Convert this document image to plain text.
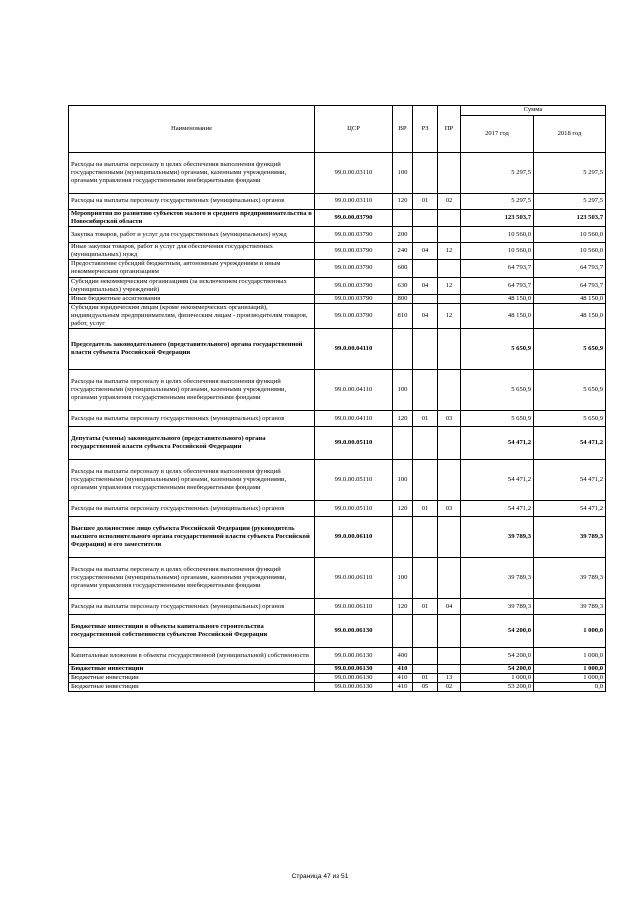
Наименование	ЦСР	ВР	РЗ	ПР	Сумма	
					2017 год	2018 год
Расходы на выплаты персоналу в целях обеспечения выполнения функций государственными (муниципальными) органами, казенными учреждениями, органами управления государственными внебюджетными фондами	99.0.00.03110	100			5 297,5	5 297,5
Расходы на выплаты персоналу государственных (муниципальных) органов	99.0.00.03110	120	01	02	5 297,5	5 297,5
Мероприятия по развитию субъектов малого и среднего предпринимательства в Новосибирской области	99.0.00.03790				123 503,7	123 503,7
Закупка товаров, работ и услуг для государственных (муниципальных) нужд	99.0.00.03790	200			10 560,0	10 560,0
Иные закупки товаров, работ и услуг для обеспечения государственных (муниципальных) нужд	99.0.00.03790	240	04	12	10 560,0	10 560,0
Предоставление субсидий бюджетным, автономным учреждениям и иным некоммерческим организациям	99.0.00.03790	600			64 793,7	64 793,7
Субсидии некоммерческим организациям (за исключением государственных (муниципальных) учреждений)	99.0.00.03790	630	04	12	64 793,7	64 793,7
Иные бюджетные ассигнования	99.0.00.03790	800			48 150,0	48 150,0
Субсидии юридическим лицам (кроме некоммерческих организаций), индивидуальным предпринимателям, физическим лицам - производителям товаров, работ, услуг	99.0.00.03790	810	04	12	48 150,0	48 150,0
Председатель законодательного (представительного) органа государственной власти субъекта Российской Федерации	99.0.00.04110				5 650,9	5 650,9
Расходы на выплаты персоналу в целях обеспечения выполнения функций государственными (муниципальными) органами, казенными учреждениями, органами управления государственными внебюджетными фондами	99.0.00.04110	100			5 650,9	5 650,9
Расходы на выплаты персоналу государственных (муниципальных) органов	99.0.00.04110	120	01	03	5 650,9	5 650,9
Депутаты (члены) законодательного (представительного) органа государственной власти субъекта Российской Федерации	99.0.00.05110				54 471,2	54 471,2
Расходы на выплаты персоналу в целях обеспечения выполнения функций государственными (муниципальными) органами, казенными учреждениями, органами управления государственными внебюджетными фондами	99.0.00.05110	100			54 471,2	54 471,2
Расходы на выплаты персоналу государственных (муниципальных) органов	99.0.00.05110	120	01	03	54 471,2	54 471,2
Высшее должностное лицо субъекта Российской Федерации (руководитель высшего исполнительного органа государственной власти субъекта Российской Федерации) и его заместители	99.0.00.06110				39 789,3	39 789,3
Расходы на выплаты персоналу в целях обеспечения выполнения функций государственными (муниципальными) органами, казенными учреждениями, органами управления государственными внебюджетными фондами	99.0.00.06110	100			39 789,3	39 789,3
Расходы на выплаты персоналу государственных (муниципальных) органов	99.0.00.06110	120	01	04	39 789,3	39 789,3
Бюджетные инвестиции в объекты капитального строительства государственной собственности субъектов Российской Федерации	99.0.00.06130				54 200,0	1 000,0
Капитальные вложения в объекты государственной (муниципальной) собственности	99.0.00.06130	400			54 200,0	1 000,0
Бюджетные инвестиции	99.0.00.06130	410			54 200,0	1 000,0
Бюджетные инвестиции	99.0.00.06130	410	01	13	1 000,0	1 000,0
Бюджетные инвестиции	99.0.00.06130	410	05	02	53 200,0	0,0
Страница 47 из 51
